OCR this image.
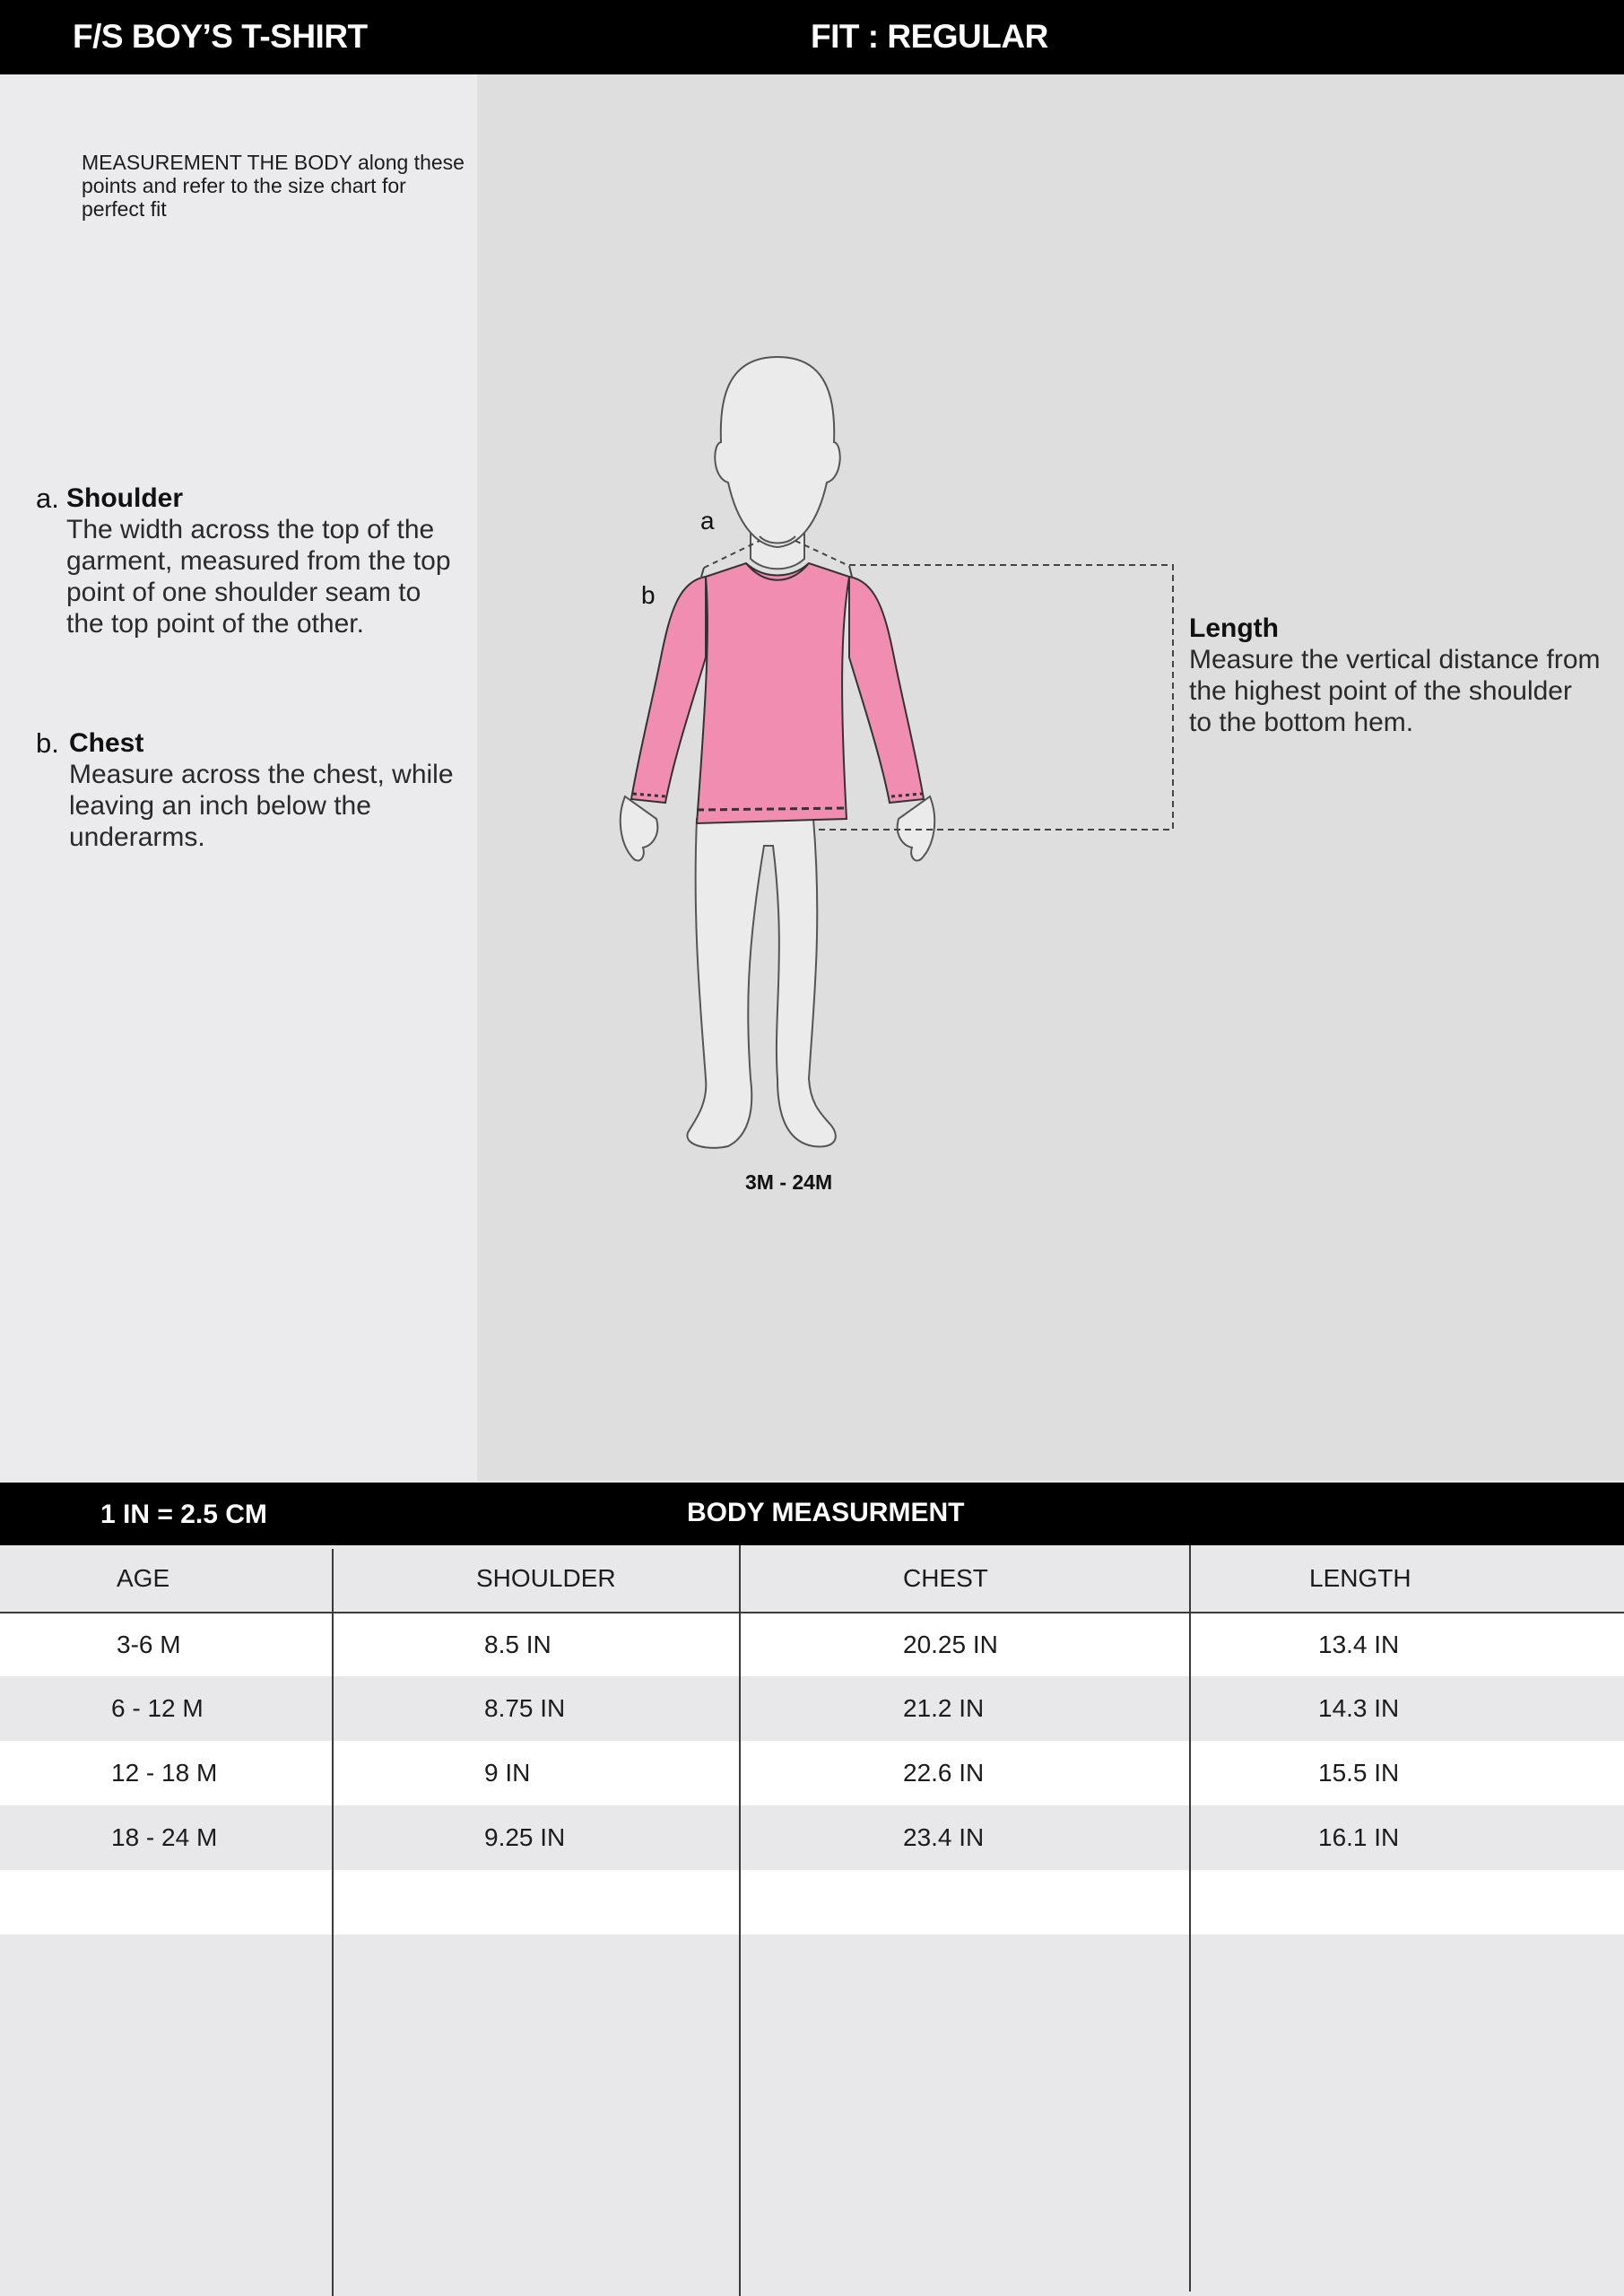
F/S BOY’S T-SHIRT	FIT : REGULAR
MEASUREMENT THE BODY along these points and refer to the size chart for perfect fit
a. Shoulder
The width across the top of the garment, measured from the top point of one shoulder seam to the top point of the other.
b. Chest
Measure across the chest, while leaving an inch below the underarms.
Length
Measure the vertical distance from the highest point of the shoulder to the bottom hem.
a
b
3M - 24M
1 IN = 2.5 CM	BODY MEASURMENT
AGE	SHOULDER	CHEST	LENGTH
3-6 M	8.5 IN	20.25 IN	13.4 IN
6 - 12 M	8.75 IN	21.2 IN	14.3 IN
12 - 18 M	9 IN	22.6 IN	15.5 IN
18 - 24 M	9.25 IN	23.4 IN	16.1 IN
